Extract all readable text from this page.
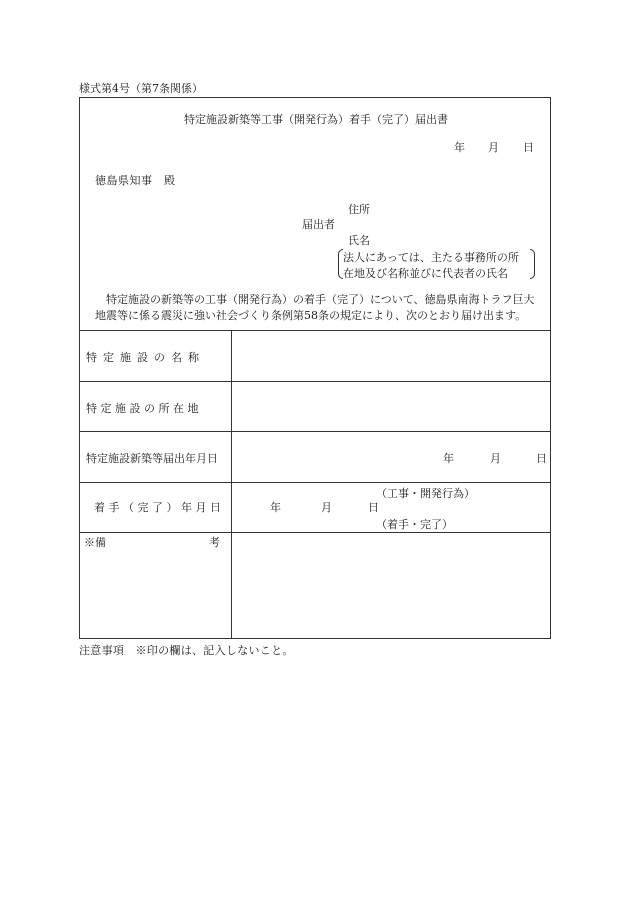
様式第4号（第7条関係）
特定施設新築等工事（開発行為）着手（完了）届出書
年 月 日
徳島県知事　殿
住所
届出者
氏名
法人にあっては、主たる事務所の所
在地及び名称並びに代表者の氏名
　特定施設の新築等の工事（開発行為）の着手（完了）について、徳島県南海トラフ巨大地震等に係る震災に強い社会づくり条例第58条の規定により、次のとおり届け出ます。
特定施設の名称
特定施設の所在地
特定施設新築等届出年月日	年	月	日
着手（完了）年月日
（工事・開発行為）
年	月	日
（着手・完了）
※備	考
注意事項　※印の欄は、記入しないこと。
